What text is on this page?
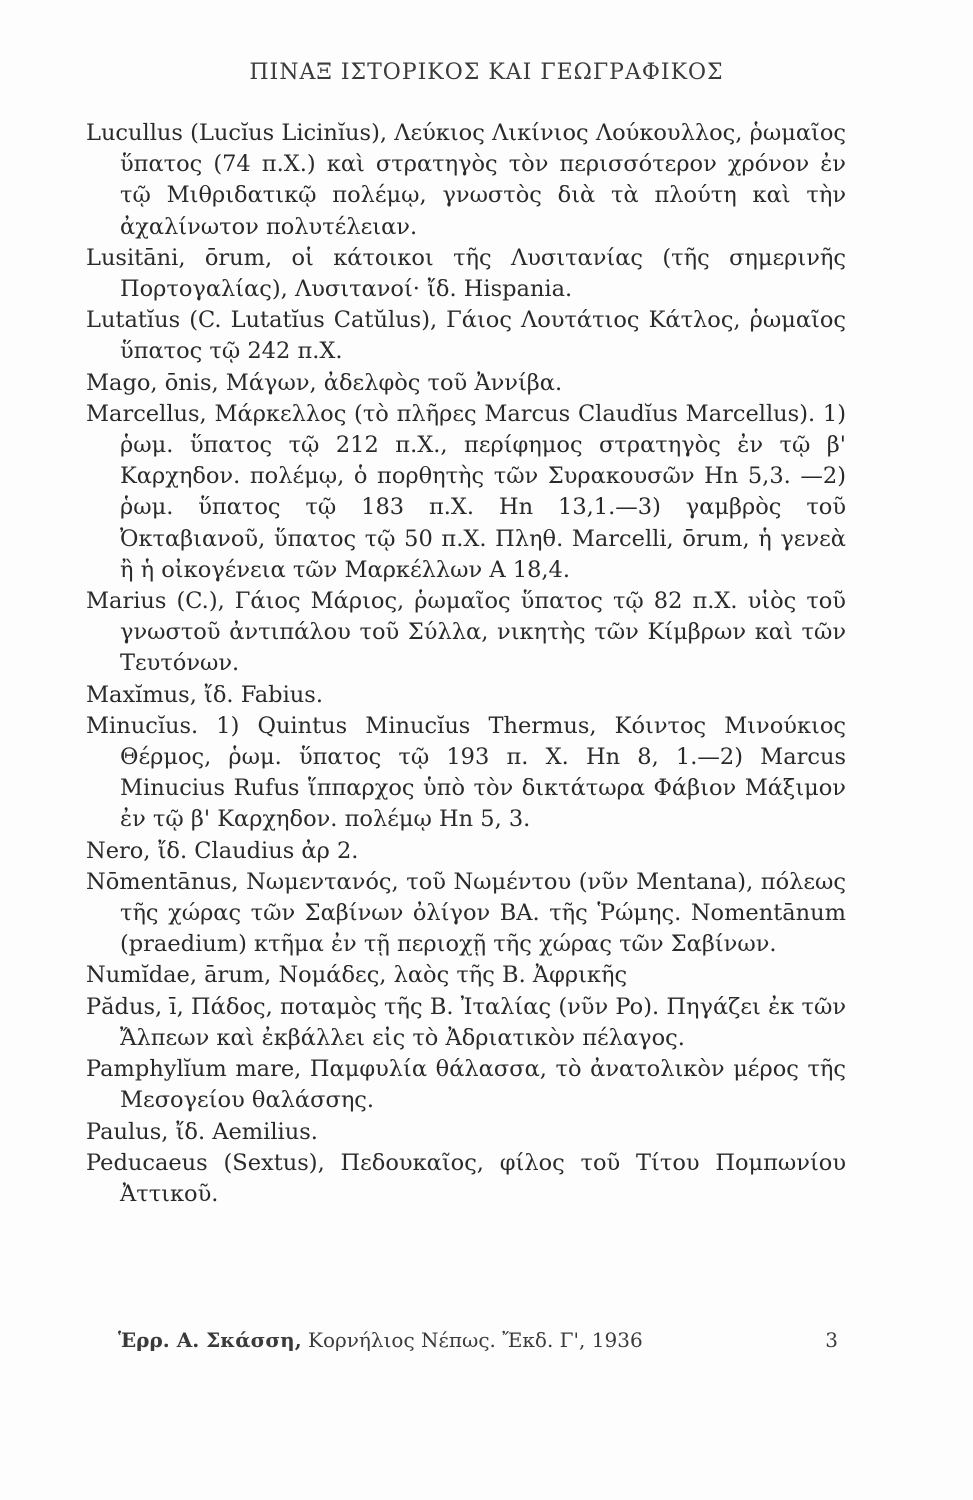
ΠΙΝΑΞ ΙΣΤΟΡΙΚΟΣ ΚΑΙ ΓΕΩΓΡΑΦΙΚΟΣ

Lucullus (Lucĭus Licinĭus), Λεύκιος Λικίνιος Λούκουλλος, ῥωμαῖος ὕπατος (74 π.Χ.) καὶ στρατηγὸς τὸν περισσότερον χρόνον ἐν τῷ Μιθριδατικῷ πολέμῳ, γνωστὸς διὰ τὰ πλούτη καὶ τὴν ἀχαλίνωτον πολυτέλειαν.

Lusitāni, ōrum, οἱ κάτοικοι τῆς Λυσιτανίας (τῆς σημερινῆς Πορτογαλίας), Λυσιτανοί· ἴδ. Hispania.

Lutatĭus (C. Lutatĭus Catŭlus), Γάιος Λουτάτιος Κάτλος, ῥωμαῖος ὕπατος τῷ 242 π.Χ.

Mago, ōnis, Μάγων, ἀδελφὸς τοῦ Ἀννίβα.

Marcellus, Μάρκελλος (τὸ πλῆρες Marcus Claudĭus Marcellus). 1) ῥωμ. ὕπατος τῷ 212 π.Χ., περίφημος στρατηγὸς ἐν τῷ β' Καρχηδον. πολέμῳ, ὁ πορθητὴς τῶν Συρακουσῶν Hn 5,3. —2) ῥωμ. ὕπατος τῷ 183 π.Χ. Hn 13,1.—3) γαμβρὸς τοῦ Ὀκταβιανοῦ, ὕπατος τῷ 50 π.Χ. Πληθ. Marcelli, ōrum, ἡ γενεὰ ἢ ἡ οἰκογένεια τῶν Μαρκέλλων A 18,4.

Marius (C.), Γάιος Μάριος, ῥωμαῖος ὕπατος τῷ 82 π.Χ. υἱὸς τοῦ γνωστοῦ ἀντιπάλου τοῦ Σύλλα, νικητὴς τῶν Κίμβρων καὶ τῶν Τευτόνων.

Maxĭmus, ἴδ. Fabius.

Minucĭus. 1) Quintus Minucĭus Thermus, Κόιντος Μινούκιος Θέρμος, ῥωμ. ὕπατος τῷ 193 π. Χ. Hn 8, 1.—2) Marcus Minucius Rufus ἵππαρχος ὑπὸ τὸν δικτάτωρα Φάβιον Μάξιμον ἐν τῷ β' Καρχηδον. πολέμῳ Hn 5, 3.

Nero, ἴδ. Claudius ἀρ 2.

Nōmentānus, Νωμεντανός, τοῦ Νωμέντου (νῦν Mentana), πόλεως τῆς χώρας τῶν Σαβίνων ὀλίγον ΒΑ. τῆς Ῥώμης. Nomentānum (praedium) κτῆμα ἐν τῇ περιοχῇ τῆς χώρας τῶν Σαβίνων.

Numĭdae, ārum, Νομάδες, λαὸς τῆς Β. Ἀφρικῆς

Pădus, ī, Πάδος, ποταμὸς τῆς Β. Ἰταλίας (νῦν Po). Πηγάζει ἐκ τῶν Ἄλπεων καὶ ἐκβάλλει εἰς τὸ Ἀδριατικὸν πέλαγος.

Pamphylĭum mare, Παμφυλία θάλασσα, τὸ ἀνατολικὸν μέρος τῆς Μεσογείου θαλάσσης.

Paulus, ἴδ. Aemilius.

Peducaeus (Sextus), Πεδουκαῖος, φίλος τοῦ Τίτου Πομπωνίου Ἀττικοῦ.

Ἑρρ. Α. Σκάσση, Κορνήλιος Νέπως. Ἔκδ. Γ', 1936	3
